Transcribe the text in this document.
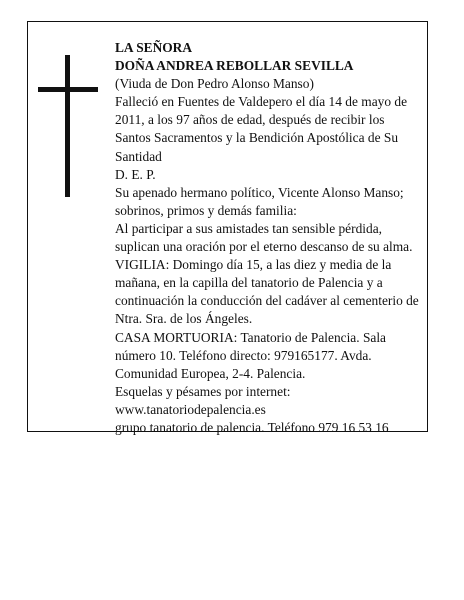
LA SEÑORA

DOÑA ANDREA REBOLLAR SEVILLA

(Viuda de Don Pedro Alonso Manso)

Falleció en Fuentes de Valdepero el día 14 de mayo de 2011, a los 97 años de edad, después de recibir los Santos Sacramentos y la Bendición Apostólica de Su Santidad

D. E. P.

Su apenado hermano político, Vicente Alonso Manso; sobrinos, primos y demás familia:

Al participar a sus amistades tan sensible pérdida, suplican una oración por el eterno descanso de su alma.

VIGILIA: Domingo día 15, a las diez y media de la mañana, en la capilla del tanatorio de Palencia y a continuación la conducción del cadáver al cementerio de Ntra. Sra. de los Ángeles.

CASA MORTUORIA: Tanatorio de Palencia. Sala número 10. Teléfono directo: 979165177. Avda. Comunidad Europea, 2-4. Palencia.

Esquelas y pésames por internet:

www.tanatoriodepalencia.es

grupo tanatorio de palencia. Teléfono 979 16 53 16
